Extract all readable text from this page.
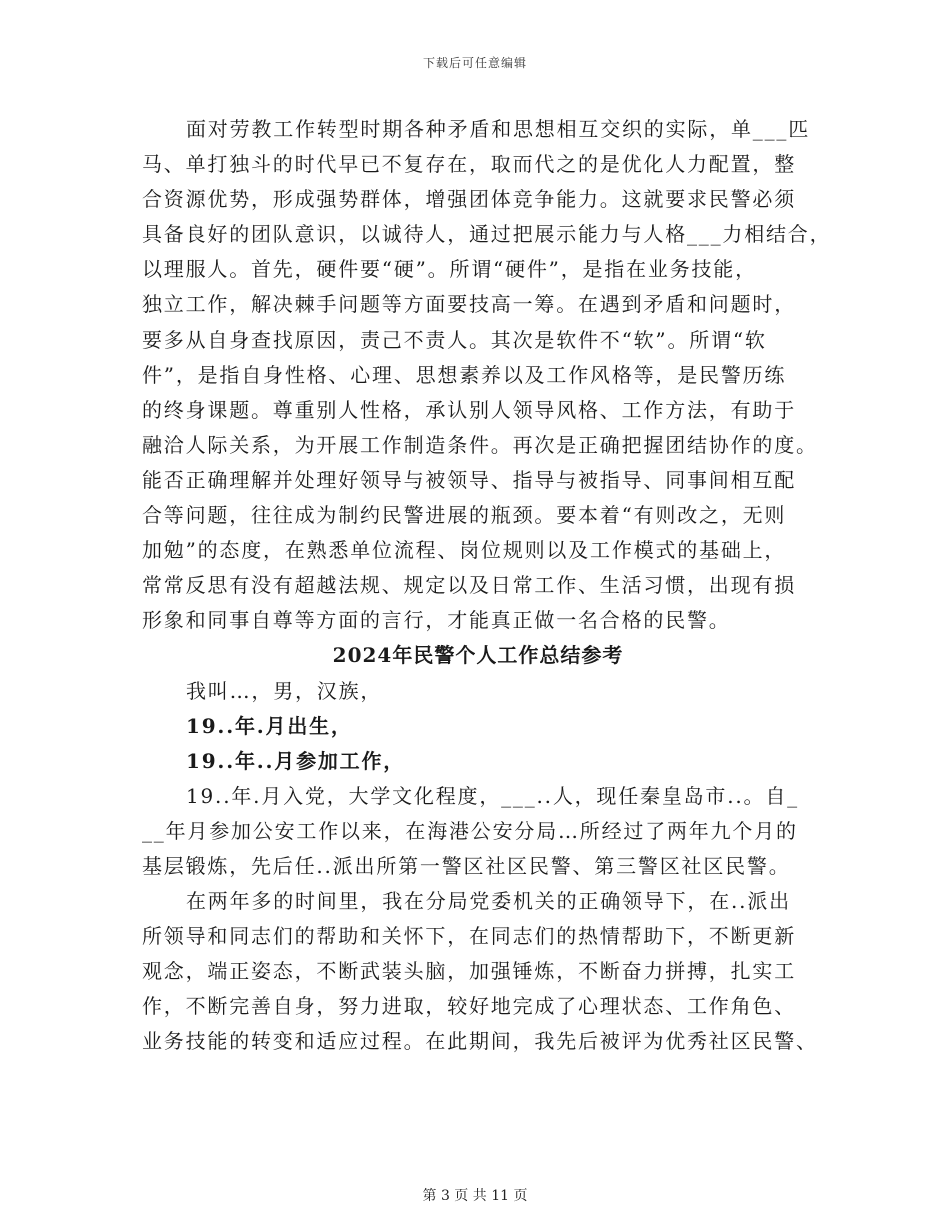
下载后可任意编辑
面对劳教工作转型时期各种矛盾和思想相互交织的实际，单___匹
马、单打独斗的时代早已不复存在，取而代之的是优化人力配置，整
合资源优势，形成强势群体，增强团体竞争能力。这就要求民警必须
具备良好的团队意识，以诚待人，通过把展示能力与人格___力相结合，
以理服人。首先，硬件要“硬”。所谓“硬件”，是指在业务技能，
独立工作，解决棘手问题等方面要技高一筹。在遇到矛盾和问题时，
要多从自身查找原因，责己不责人。其次是软件不“软”。所谓“软
件”，是指自身性格、心理、思想素养以及工作风格等，是民警历练
的终身课题。尊重别人性格，承认别人领导风格、工作方法，有助于
融洽人际关系，为开展工作制造条件。再次是正确把握团结协作的度。
能否正确理解并处理好领导与被领导、指导与被指导、同事间相互配
合等问题，往往成为制约民警进展的瓶颈。要本着“有则改之，无则
加勉”的态度，在熟悉单位流程、岗位规则以及工作模式的基础上，
常常反思有没有超越法规、规定以及日常工作、生活习惯，出现有损
形象和同事自尊等方面的言行，才能真正做一名合格的民警。
2024年民警个人工作总结参考
我叫…，男，汉族，
19..年.月出生，
19..年..月参加工作，
19..年.月入党，大学文化程度，___..人，现任秦皇岛市..。自_
__年月参加公安工作以来，在海港公安分局…所经过了两年九个月的
基层锻炼，先后任..派出所第一警区社区民警、第三警区社区民警。
在两年多的时间里，我在分局党委机关的正确领导下，在..派出
所领导和同志们的帮助和关怀下，在同志们的热情帮助下，不断更新
观念，端正姿态，不断武装头脑，加强锤炼，不断奋力拼搏，扎实工
作，不断完善自身，努力进取，较好地完成了心理状态、工作角色、
业务技能的转变和适应过程。在此期间，我先后被评为优秀社区民警、
第 3 页 共 11 页
